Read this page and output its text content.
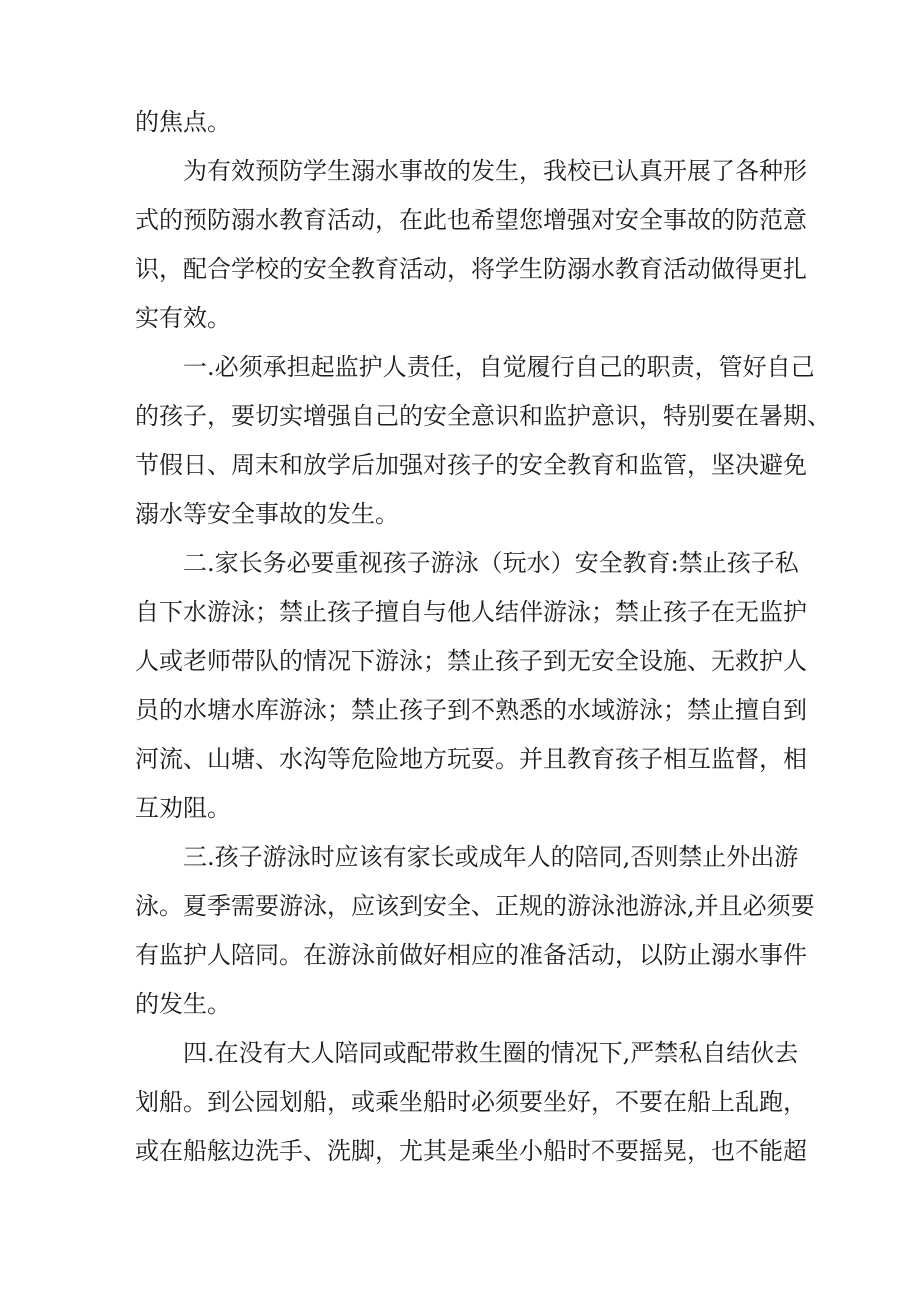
的焦点。
为有效预防学生溺水事故的发生，我校已认真开展了各种形
式的预防溺水教育活动，在此也希望您增强对安全事故的防范意
识，配合学校的安全教育活动，将学生防溺水教育活动做得更扎
实有效。
一.必须承担起监护人责任，自觉履行自己的职责，管好自己
的孩子，要切实增强自己的安全意识和监护意识，特别要在暑期、
节假日、周末和放学后加强对孩子的安全教育和监管，坚决避免
溺水等安全事故的发生。
二.家长务必要重视孩子游泳（玩水）安全教育:禁止孩子私
自下水游泳；禁止孩子擅自与他人结伴游泳；禁止孩子在无监护
人或老师带队的情况下游泳；禁止孩子到无安全设施、无救护人
员的水塘水库游泳；禁止孩子到不熟悉的水域游泳；禁止擅自到
河流、山塘、水沟等危险地方玩耍。并且教育孩子相互监督，相
互劝阻。
三.孩子游泳时应该有家长或成年人的陪同,否则禁止外出游
泳。夏季需要游泳，应该到安全、正规的游泳池游泳,并且必须要
有监护人陪同。在游泳前做好相应的准备活动，以防止溺水事件
的发生。
四.在没有大人陪同或配带救生圈的情况下,严禁私自结伙去
划船。到公园划船，或乘坐船时必须要坐好，不要在船上乱跑，
或在船舷边洗手、洗脚，尤其是乘坐小船时不要摇晃，也不能超
